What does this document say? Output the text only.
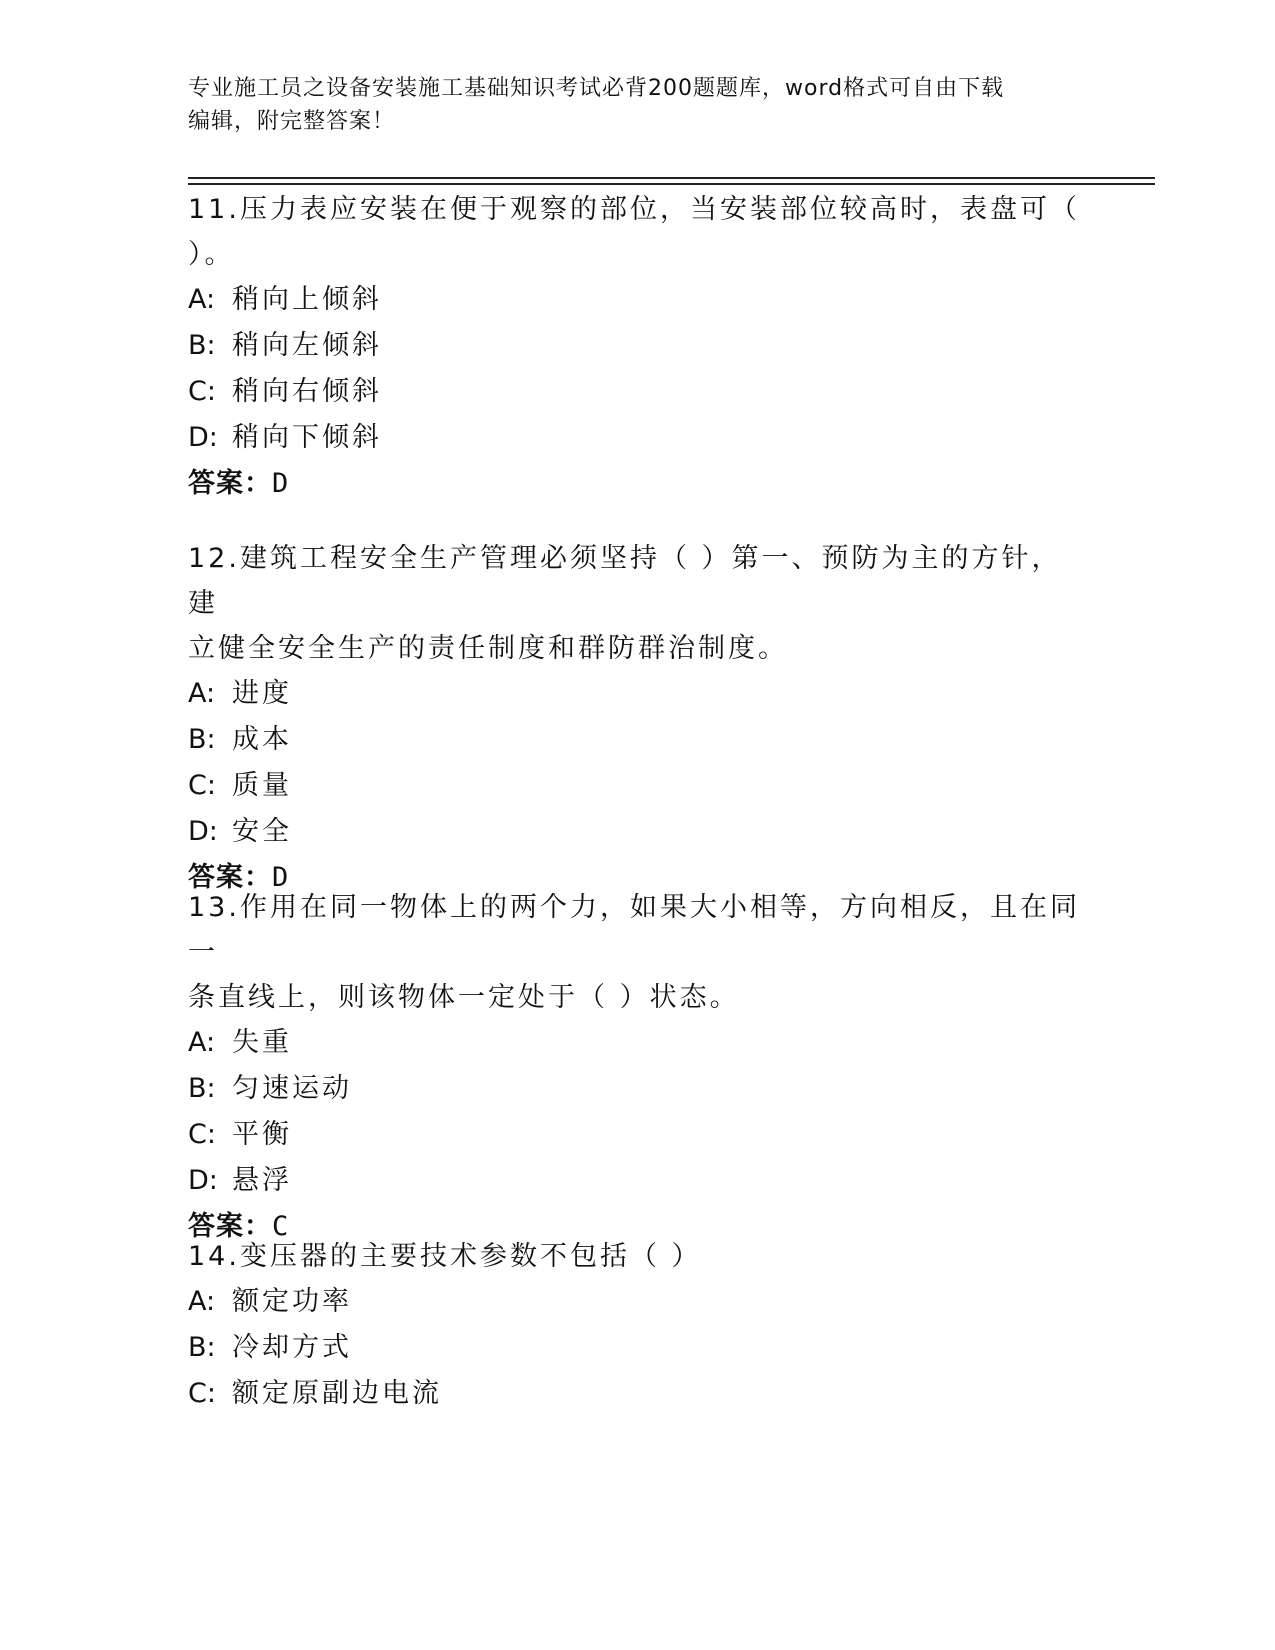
专业施工员之设备安装施工基础知识考试必背200题题库，word格式可自由下载
编辑，附完整答案！
11.压力表应安装在便于观察的部位，当安装部位较高时，表盘可（
）。
A: 稍向上倾斜
B: 稍向左倾斜
C: 稍向右倾斜
D: 稍向下倾斜
答案：D
12.建筑工程安全生产管理必须坚持（ ）第一、预防为主的方针，建
立健全安全生产的责任制度和群防群治制度。
A: 进度
B: 成本
C: 质量
D: 安全
答案：D
13.作用在同一物体上的两个力，如果大小相等，方向相反，且在同一
条直线上，则该物体一定处于（ ）状态。
A: 失重
B: 匀速运动
C: 平衡
D: 悬浮
答案：C
14.变压器的主要技术参数不包括（ ）
A: 额定功率
B: 冷却方式
C: 额定原副边电流
